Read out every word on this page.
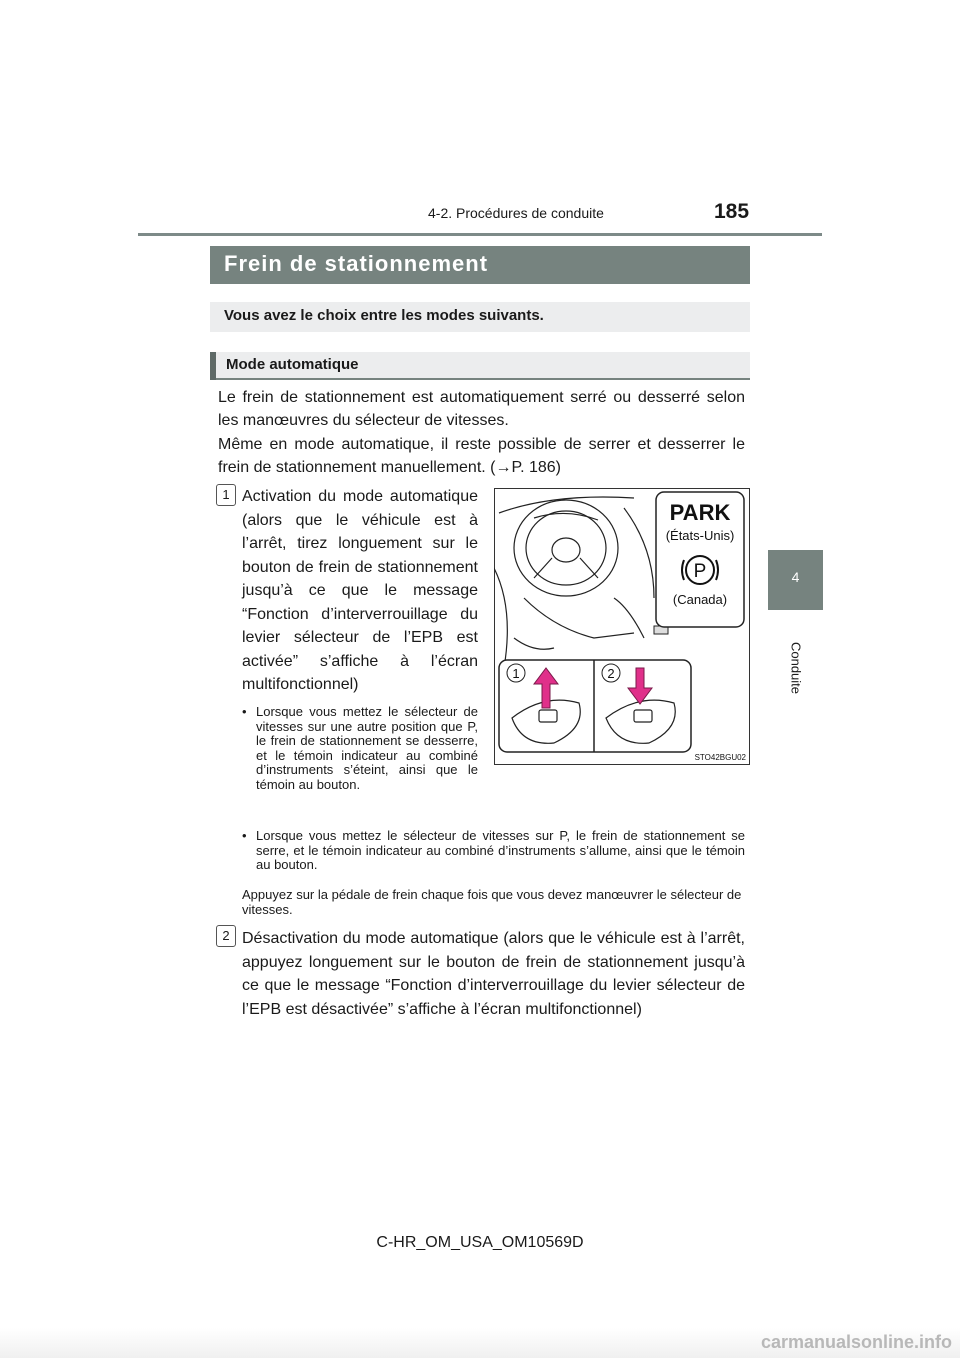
4-2. Procédures de conduite	185
4
Conduite
Frein de stationnement
Vous avez le choix entre les modes suivants.
Mode automatique
Le frein de stationnement est automatiquement serré ou desserré selon les manœuvres du sélecteur de vitesses.
Même en mode automatique, il reste possible de serrer et desserrer le frein de stationnement manuellement. (→P. 186)
1 Activation du mode automatique (alors que le véhicule est à l’arrêt, tirez longuement sur le bouton de frein de stationnement jusqu’à ce que le message “Fonction d’interverrouillage du levier sélecteur de l’EPB est activée” s’affiche à l’écran multifonctionnel)
• Lorsque vous mettez le sélecteur de vitesses sur une autre position que P, le frein de stationnement se desserre, et le témoin indicateur au combiné d’instruments s’éteint, ainsi que le témoin au bouton.
• Lorsque vous mettez le sélecteur de vitesses sur P, le frein de stationnement se serre, et le témoin indicateur au combiné d’instruments s’allume, ainsi que le témoin au bouton.
Appuyez sur la pédale de frein chaque fois que vous devez manœuvrer le sélecteur de vitesses.
2 Désactivation du mode automatique (alors que le véhicule est à l’arrêt, appuyez longuement sur le bouton de frein de stationnement jusqu’à ce que le message “Fonction d’interverrouillage du levier sélecteur de l’EPB est désactivée” s’affiche à l’écran multifonctionnel)
PARK
(États-Unis)
P
(Canada)
1	2
STO42BGU02
C-HR_OM_USA_OM10569D
carmanualsonline.info
